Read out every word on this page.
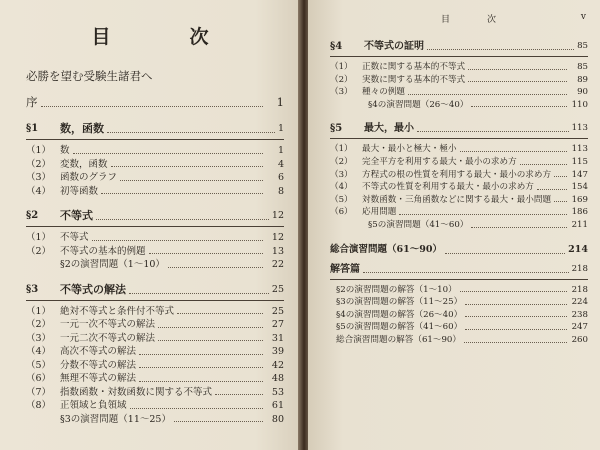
目　次
必勝を望む受験生諸君へ
序	1
§1	数，函数	1
（1） 数	1
（2） 変数，函数	4
（3） 函数のグラフ	6
（4） 初等函数	8
§2	不等式	12
（1） 不等式	12
（2） 不等式の基本的例題	13
§2の演習問題（1〜10）	22
§3	不等式の解法	25
（1） 絶対不等式と条件付不等式	25
（2） 一元一次不等式の解法	27
（3） 一元二次不等式の解法	31
（4） 高次不等式の解法	39
（5） 分数不等式の解法	42
（6） 無理不等式の解法	48
（7） 指数函数・対数函数に関する不等式	53
（8） 正領域と負領域	61
§3の演習問題（11〜25）	80
目　次	v
§4	不等式の証明	85
（1）	正数に関する基本的不等式	85
（2）	実数に関する基本的不等式	89
（3）	種々の例題	90
§4の演習問題（26〜40）	110
§5	最大，最小	113
（1）	最大・最小と極大・極小	113
（2）	完全平方を利用する最大・最小の求め方	115
（3）	方程式の根の性質を利用する最大・最小の求め方 147
（4）	不等式の性質を利用する最大・最小の求め方	154
（5）	対数函数・三角函数などに関する最大・最小問題 169
（6）	応用問題	186
§5の演習問題（41〜60）	211
総合演習問題（61〜90）	214
解答篇	218
§2の演習問題の解答（1〜10）	218
§3の演習問題の解答（11〜25）	224
§4の演習問題の解答（26〜40）	238
§5の演習問題の解答（41〜60）	247
総合演習問題の解答（61〜90）	260
